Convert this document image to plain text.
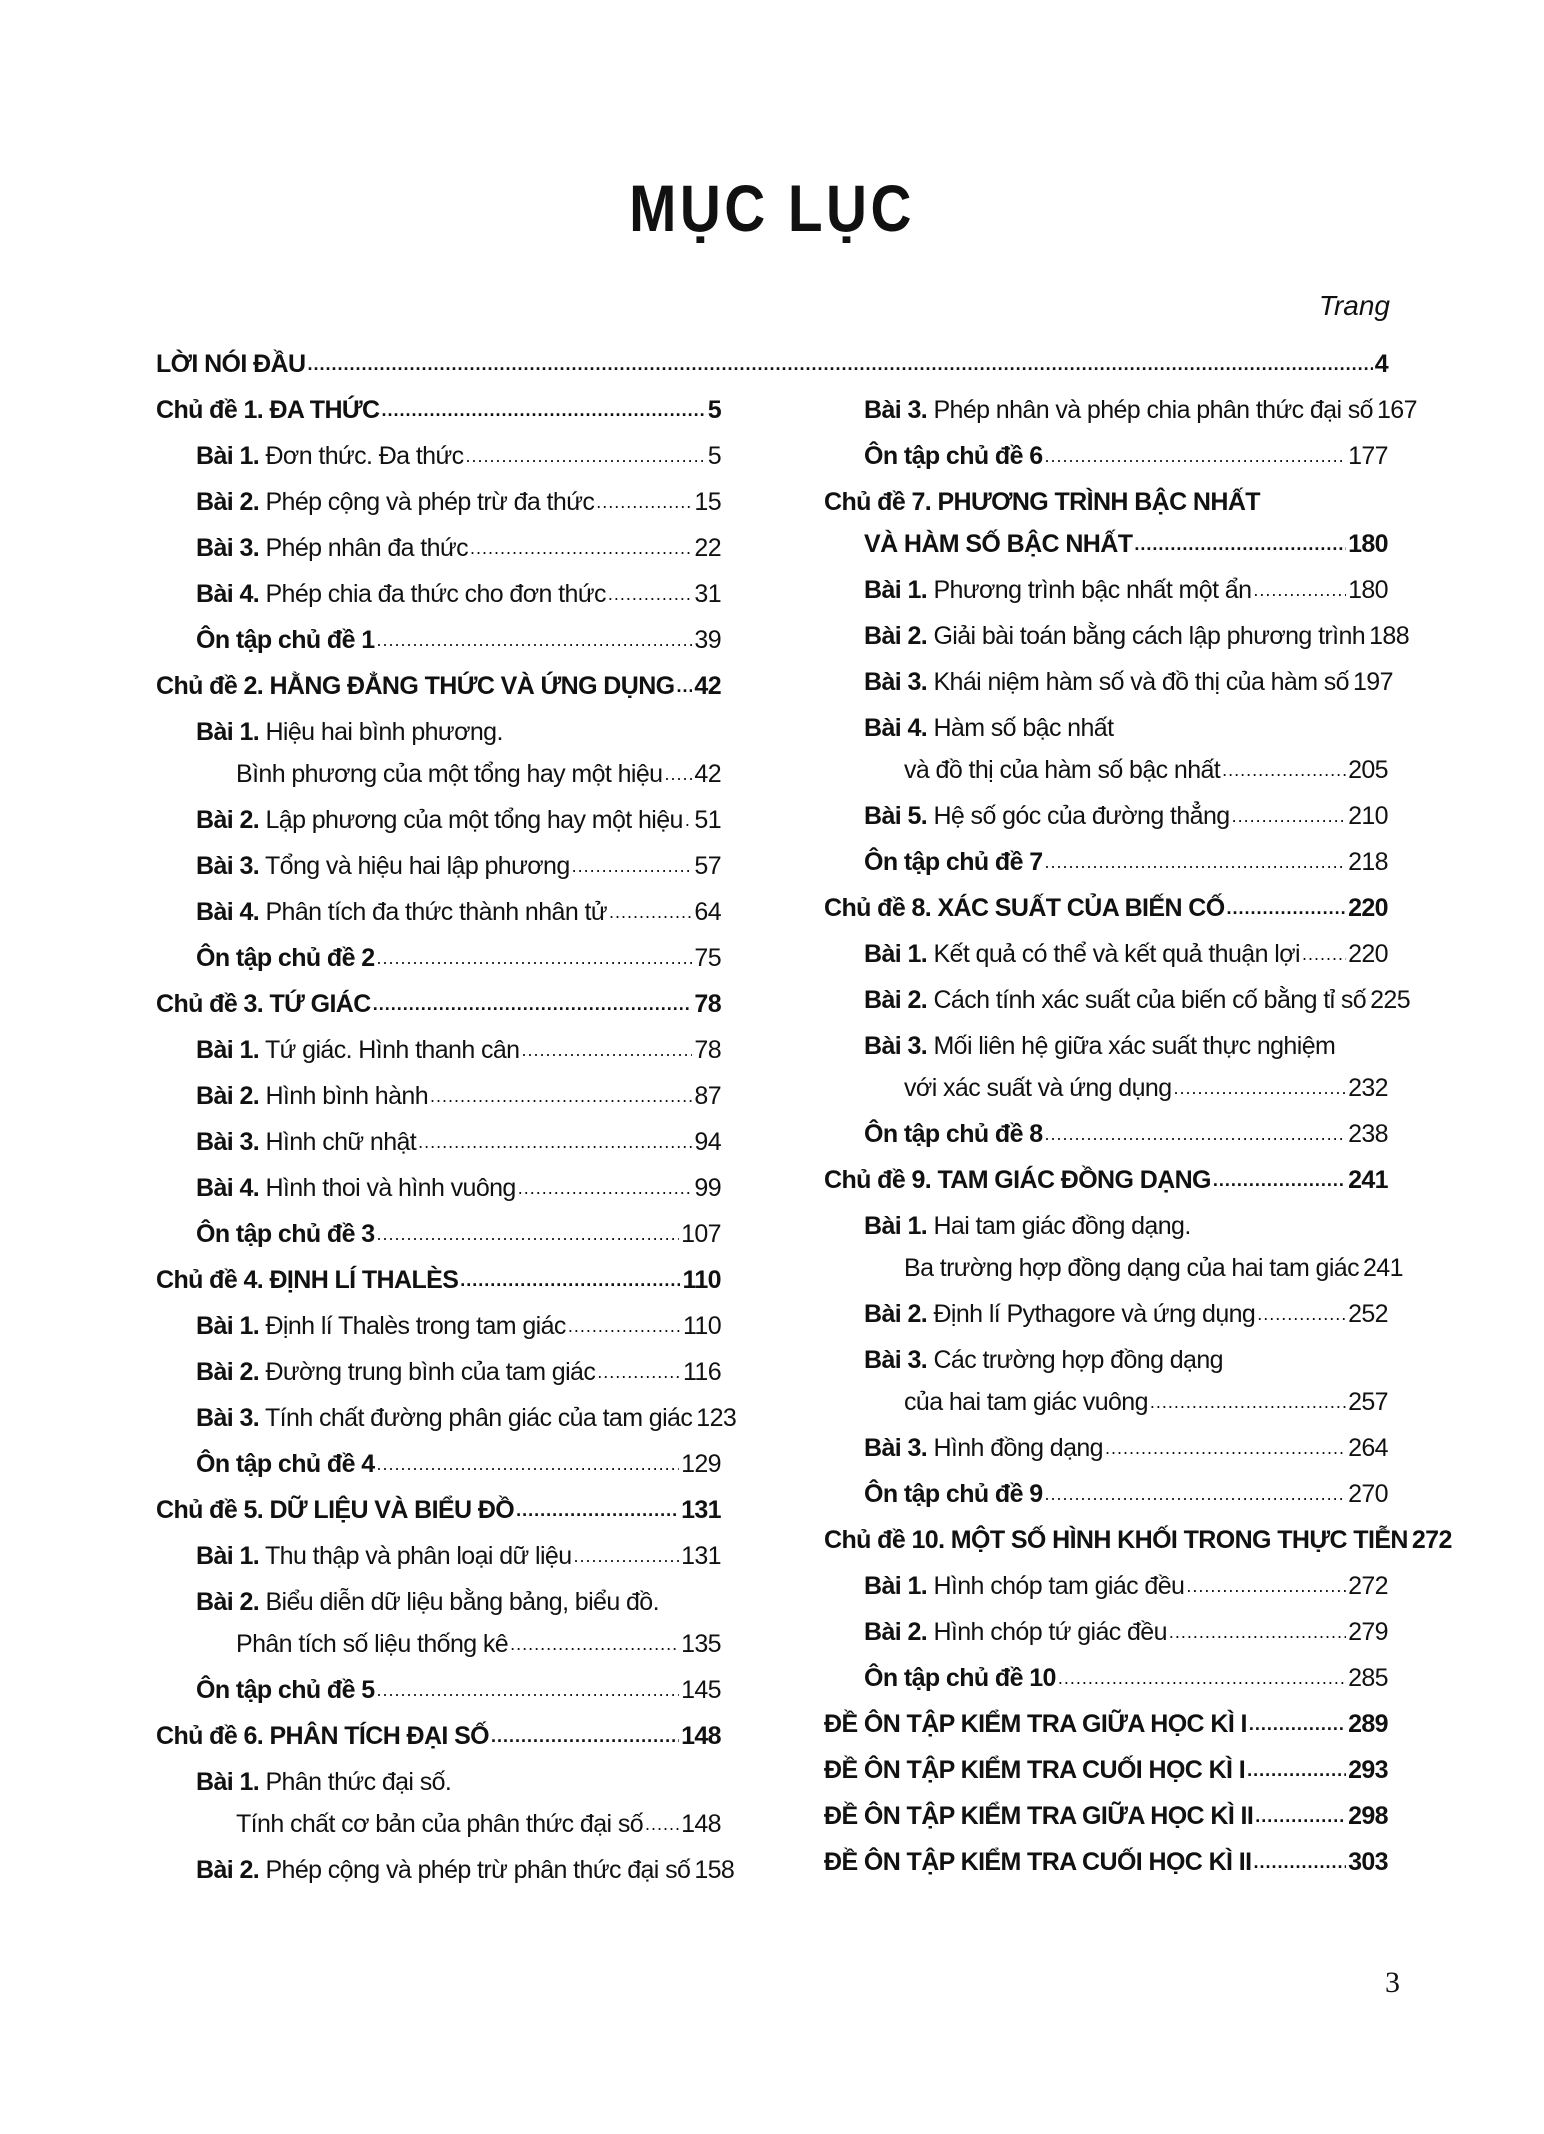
MỤC LỤC
Trang
LỜI NÓI ĐẦU .....	4
Chủ đề 1. ĐA THỨC .....	5
Bài 1. Đơn thức. Đa thức .....	5
Bài 2. Phép cộng và phép trừ đa thức .....	15
Bài 3. Phép nhân đa thức .....	22
Bài 4. Phép chia đa thức cho đơn thức .....	31
Ôn tập chủ đề 1 .....	39
Chủ đề 2. HẰNG ĐẲNG THỨC VÀ ỨNG DỤNG ..... 42
Bài 1. Hiệu hai bình phương.
Bình phương của một tổng hay một hiệu ..... 42
Bài 2. Lập phương của một tổng hay một hiệu ..... 51
Bài 3. Tổng và hiệu hai lập phương .....	57
Bài 4. Phân tích đa thức thành nhân tử .....	64
Ôn tập chủ đề 2 .....	75
Chủ đề 3. TỨ GIÁC .....	78
Bài 1. Tứ giác. Hình thanh cân .....	78
Bài 2. Hình bình hành .....	87
Bài 3. Hình chữ nhật .....	94
Bài 4. Hình thoi và hình vuông .....	99
Ôn tập chủ đề 3 .....	107
Chủ đề 4. ĐỊNH LÍ THALÈS .....	110
Bài 1. Định lí Thalès trong tam giác .....	110
Bài 2. Đường trung bình của tam giác .....	116
Bài 3. Tính chất đường phân giác của tam giác 123
Ôn tập chủ đề 4 .....	129
Chủ đề 5. DỮ LIỆU VÀ BIỂU ĐỒ .....	131
Bài 1. Thu thập và phân loại dữ liệu .....	131
Bài 2. Biểu diễn dữ liệu bằng bảng, biểu đồ.
Phân tích số liệu thống kê .....	135
Ôn tập chủ đề 5 .....	145
Chủ đề 6. PHÂN TÍCH ĐẠI SỐ .....	148
Bài 1. Phân thức đại số.
Tính chất cơ bản của phân thức đại số ..... 148
Bài 2. Phép cộng và phép trừ phân thức đại số 158
Bài 3. Phép nhân và phép chia phân thức đại số 167
Ôn tập chủ đề 6 .....	177
Chủ đề 7. PHƯƠNG TRÌNH BẬC NHẤT
VÀ HÀM SỐ BẬC NHẤT .....	180
Bài 1. Phương trình bậc nhất một ẩn .....	180
Bài 2. Giải bài toán bằng cách lập phương trình 188
Bài 3. Khái niệm hàm số và đồ thị của hàm số 197
Bài 4. Hàm số bậc nhất
và đồ thị của hàm số bậc nhất .....	205
Bài 5. Hệ số góc của đường thẳng .....	210
Ôn tập chủ đề 7 .....	218
Chủ đề 8. XÁC SUẤT CỦA BIẾN CỐ .....	220
Bài 1. Kết quả có thể và kết quả thuận lợi ..... 220
Bài 2. Cách tính xác suất của biến cố bằng tỉ số 225
Bài 3. Mối liên hệ giữa xác suất thực nghiệm
với xác suất và ứng dụng .....	232
Ôn tập chủ đề 8 .....	238
Chủ đề 9. TAM GIÁC ĐỒNG DẠNG .....	241
Bài 1. Hai tam giác đồng dạng.
Ba trường hợp đồng dạng của hai tam giác 241
Bài 2. Định lí Pythagore và ứng dụng .....	252
Bài 3. Các trường hợp đồng dạng
của hai tam giác vuông .....	257
Bài 3. Hình đồng dạng .....	264
Ôn tập chủ đề 9 .....	270
Chủ đề 10. MỘT SỐ HÌNH KHỐI TRONG THỰC TIỄN 272
Bài 1. Hình chóp tam giác đều .....	272
Bài 2. Hình chóp tứ giác đều .....	279
Ôn tập chủ đề 10 .....	285
ĐỀ ÔN TẬP KIỂM TRA GIỮA HỌC KÌ I .....	289
ĐỀ ÔN TẬP KIỂM TRA CUỐI HỌC KÌ I .....	293
ĐỀ ÔN TẬP KIỂM TRA GIỮA HỌC KÌ II .....	298
ĐỀ ÔN TẬP KIỂM TRA CUỐI HỌC KÌ II .....	303
3
